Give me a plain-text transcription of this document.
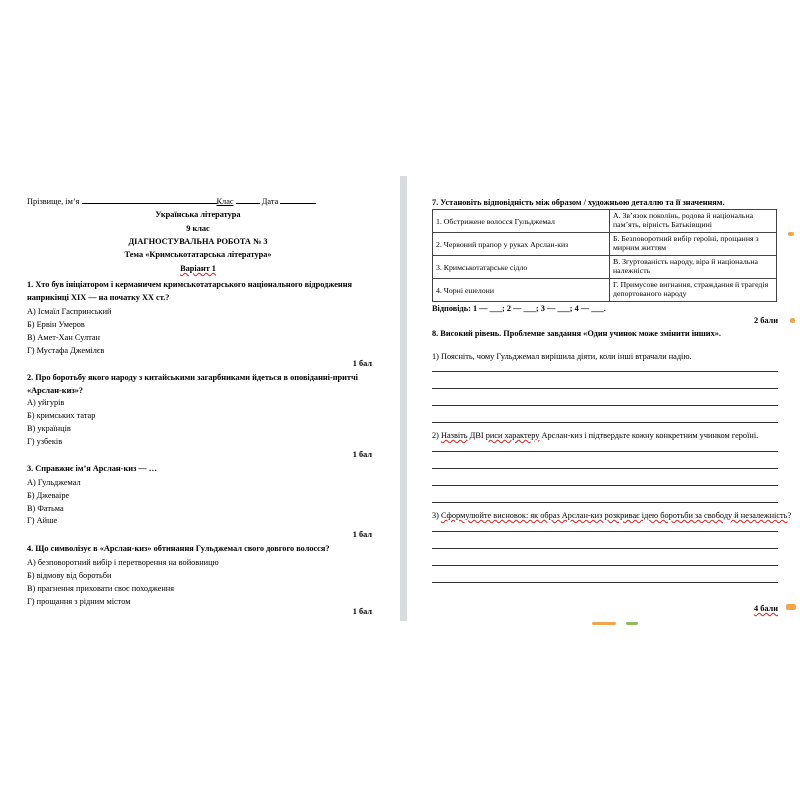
Прізвище, ім’я	Клас	Дата
Українська література
9 клас
ДІАГНОСТУВАЛЬНА РОБОТА № 3
Тема «Кримськотатарська література»
Варіант 1
1. Хто був ініціатором і керманичем кримськотатарського національного відродження
наприкінці ХІХ — на початку ХХ ст.?
А) Ісмаїл Гаспринський
Б) Ервін Умеров
В) Амет-Хан Султан
Г) Мустафа Джемілєв
1 бал
2. Про боротьбу якого народу з китайськими загарбниками йдеться в оповіданні-притчі
«Арслан-киз»?
А) уйгурів
Б) кримських татар
В) українців
Г) узбеків
1 бал
3. Справжнє ім’я Арслан-киз — …
А) Гульджемал
Б) Джеваіре
В) Фатьма
Г) Айше
1 бал
4. Що символізує в «Арслан-киз» обтинання Гульджемал свого довгого волосся?
А) безповоротний вибір і перетворення на войовницю
Б) відмову від боротьби
В) прагнення приховати своє походження
Г) прощання з рідним містом
1 бал
7. Установіть відповідність між образом / художньою деталлю та її значенням.
1. Обстрижене волосся Гульджемал	А. Зв’язок поколінь, родова й національна
пам’ять, вірність Батьківщині
2. Червоний прапор у руках Арслан-киз	Б. Безповоротний вибір героїні, прощання з
мирним життям
3. Кримськотатарське сідло	В. Згуртованість народу, віра й національна
належність
4. Чорні ешелони	Г. Примусове вигнання, страждання й трагедія
депортованого народу
Відповідь: 1 — ___; 2 — ___; 3 — ___; 4 — ___.
2 бали
8. Високий рівень. Проблемне завдання «Один учинок може змінити інших».
1) Поясніть, чому Гульджемал вирішила діяти, коли інші втрачали надію.
2) Назвіть ДВІ риси характеру Арслан-киз і підтвердьте кожну конкретним учинком героїні.
3) Сформулюйте висновок: як образ Арслан-киз розкриває ідею боротьби за свободу й незалежність?
4 бали
